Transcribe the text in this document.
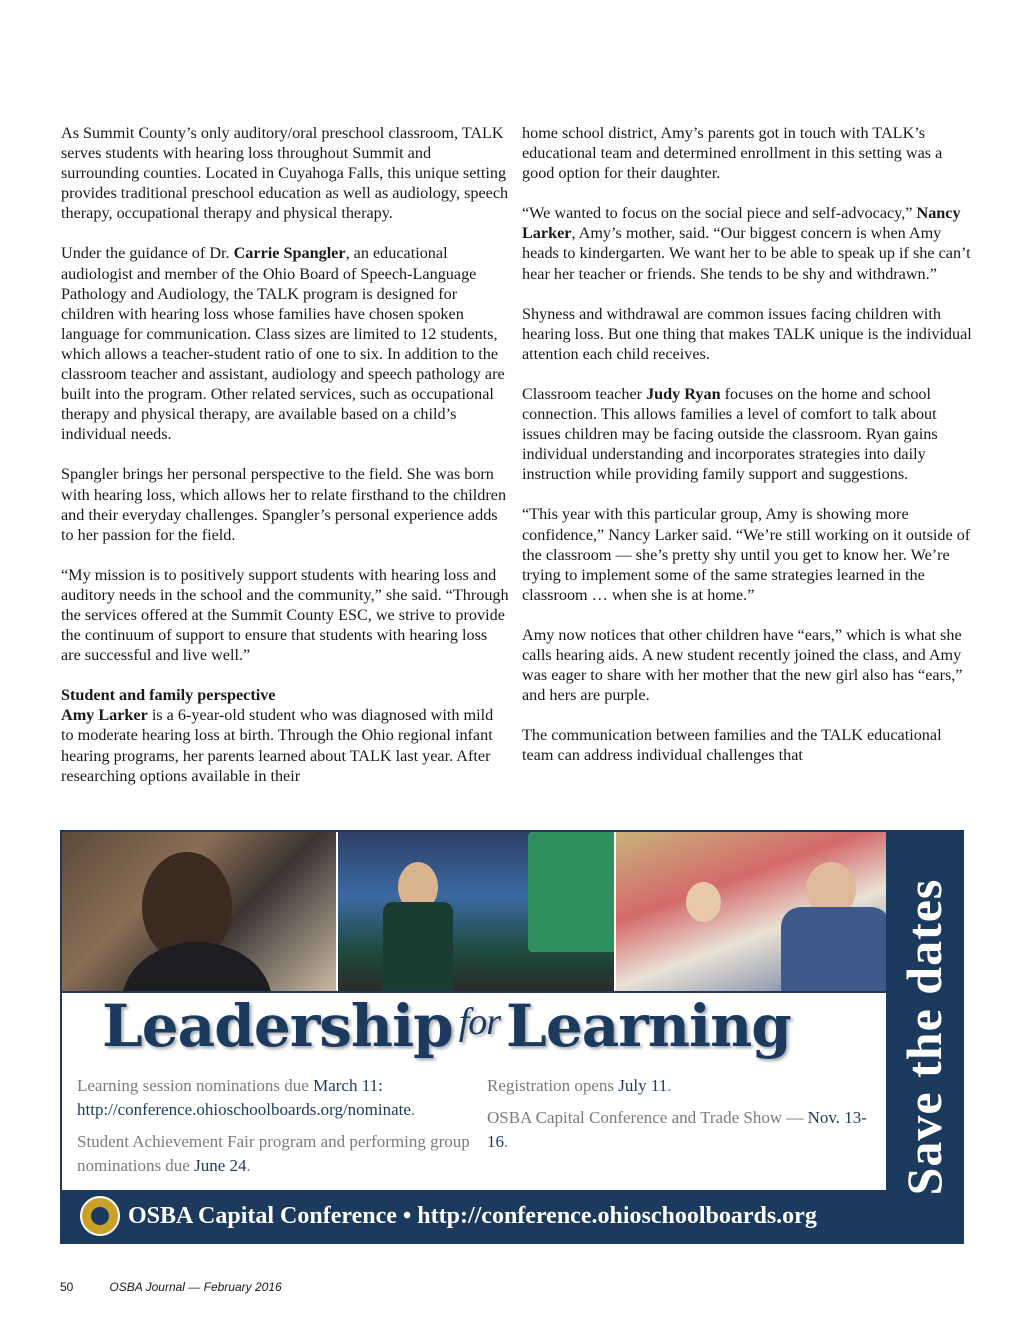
As Summit County’s only auditory/oral preschool classroom, TALK serves students with hearing loss throughout Summit and surrounding counties. Located in Cuyahoga Falls, this unique setting provides traditional preschool education as well as audiology, speech therapy, occupational therapy and physical therapy.

Under the guidance of Dr. Carrie Spangler, an educational audiologist and member of the Ohio Board of Speech-Language Pathology and Audiology, the TALK program is designed for children with hearing loss whose families have chosen spoken language for communication. Class sizes are limited to 12 students, which allows a teacher-student ratio of one to six. In addition to the classroom teacher and assistant, audiology and speech pathology are built into the program. Other related services, such as occupational therapy and physical therapy, are available based on a child’s individual needs.

Spangler brings her personal perspective to the field. She was born with hearing loss, which allows her to relate firsthand to the children and their everyday challenges. Spangler’s personal experience adds to her passion for the field.

“My mission is to positively support students with hearing loss and auditory needs in the school and the community,” she said. “Through the services offered at the Summit County ESC, we strive to provide the continuum of support to ensure that students with hearing loss are successful and live well.”

Student and family perspective

Amy Larker is a 6-year-old student who was diagnosed with mild to moderate hearing loss at birth. Through the Ohio regional infant hearing programs, her parents learned about TALK last year. After researching options available in their

home school district, Amy’s parents got in touch with TALK’s educational team and determined enrollment in this setting was a good option for their daughter.

“We wanted to focus on the social piece and self-advocacy,” Nancy Larker, Amy’s mother, said. “Our biggest concern is when Amy heads to kindergarten. We want her to be able to speak up if she can’t hear her teacher or friends. She tends to be shy and withdrawn.”

Shyness and withdrawal are common issues facing children with hearing loss. But one thing that makes TALK unique is the individual attention each child receives.

Classroom teacher Judy Ryan focuses on the home and school connection. This allows families a level of comfort to talk about issues children may be facing outside the classroom. Ryan gains individual understanding and incorporates strategies into daily instruction while providing family support and suggestions.

“This year with this particular group, Amy is showing more confidence,” Nancy Larker said. “We’re still working on it outside of the classroom — she’s pretty shy until you get to know her. We’re trying to implement some of the same strategies learned in the classroom … when she is at home.”

Amy now notices that other children have “ears,” which is what she calls hearing aids. A new student recently joined the class, and Amy was eager to share with her mother that the new girl also has “ears,” and hers are purple.

The communication between families and the TALK educational team can address individual challenges that

Save the dates
Leadership $^{for}$ Learning

Learning session nominations due March 11:
http://conference.ohioschoolboards.org/nominate.

Student Achievement Fair program and performing group nominations due June 24.

Registration opens July 11.

OSBA Capital Conference and Trade Show — Nov. 13-16.

OSBA Capital Conference • http://conference.ohioschoolboards.org
50	OSBA Journal — February 2016
